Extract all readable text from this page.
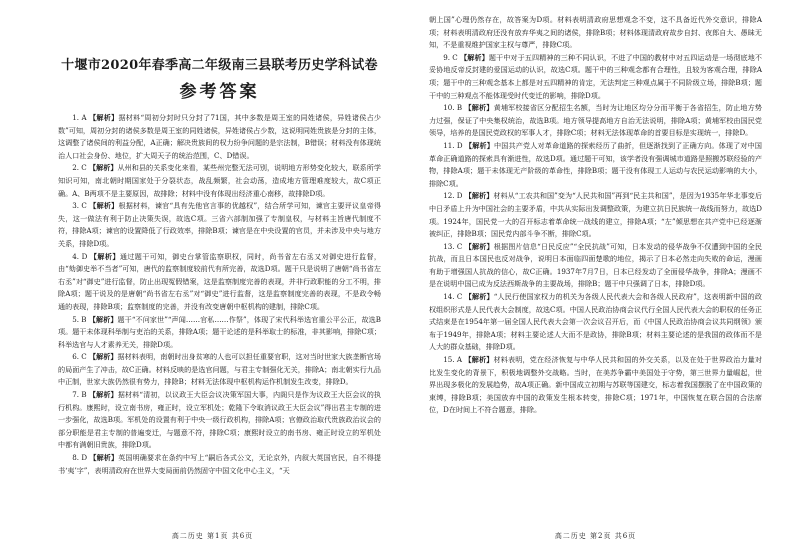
十堰市2020年春季高二年级南三县联考历史学科试卷
参考答案

1. A 【解析】据材料“周初分封时只分封了71国，其中多数是周王室的同姓诸侯，异姓诸侯占少数”可知，周初分封的诸侯多数是周王室的同姓诸侯，异姓诸侯占少数，这说明同姓贵族是分封的主体，这调整了诸侯间的利益分配，A正确；解决贵族间的权力纷争问题的是宗法制，B错误；材料没有体现统治人口社会身份、地位，扩大周天子的统治范围，C、D错误。

2. C 【解析】从州和县的关系变化来看，某些州完整无法可别，说明地方形势变化较大，联系所学知识可知，南北朝时期国家处于分裂状态，战乱频繁，社会动荡，造成地方管理难度较大，故C项正确。A、B两项不是主要原因，故排除；材料中没有体现出经济重心南移，故排除D项。

3. C 【解析】根据材料，谏官“具有先他官言事的优越权”，结合所学可知，谏官主要评议皇帝得失，这一做法有利于防止决策失误，故选C项。三省六部制加强了专制皇权，与材料主旨唐代制度不符，排除A项；谏官的设置降低了行政效率，排除B项；谏官是在中央设置的官员，并未涉及中央与地方关系，排除D项。

4. D 【解析】通过题干可知，御史台掌管监察职权，同时，尚书省左右丞又对御史进行监督，由“劾御史举不当者”可知，唐代的监察制度较前代有所完善，故选D项。题干只是说明了唐朝“尚书省左右丞”对“御史”进行监督，防止出现冤假错案，这是监察制度完善的表现，并非行政职能的分工不明，排除A项；题干说及的是唐朝“尚书省左右丞”对“御史”进行监督，这是监察制度完善的表现，不是政令畅通的表现，排除B项；监察制度的完善，并没有改变唐朝中枢机构的建制，排除C项。

5. B 【解析】题干“不问家世”“声闻……官私……作祭”，体现了宋代科举选官重公平公正，故选B项。题干未体现科举制与吏治的关系，排除A项；题干论述的是科举取士的标准，非其影响，排除C项；科举选官与人才素养无关，排除D项。

6. C 【解析】据材料表明，南朝时出身贫寒的人也可以担任重要官职，这对当时世家大族垄断官场的局面产生了冲击，故C正确。材料反映的是选官问题，与君主专制强化无关，排除A；南北朝实行九品中正制，世家大族仍然很有势力，排除B；材料无法体现中枢机构运作机制发生改变，排除D。

7. B 【解析】据材料“清初，以议政王大臣会议决策军国大事，内阁只是作为议政王大臣会议的执行机构。康熙时，设立南书房，雍正时，设立军机处；乾隆下令取消议政王大臣会议”得出君主专制的进一步强化，故选B项。军机处的设置有利于中央一级行政机构，排除A项；官僚政治取代贵族政治议会的部分职能是君主专制的普遍变迁，与题意不符，排除C项；康熙时设立的南书房、雍正时设立的军机处中都有满朝旧贵族，排除D项。

8. D 【解析】英国明确要求在条约中写上“嗣后各式公文，无论京外，内叙大英国官民，自不得提书‘夷’字”，表明清政府在世界大变局面前仍然固守中国文化中心主义，“天

高二历史 第1页 共6页

朝上国”心理仍然存在，故答案为D项。材料表明清政府思想观念不变，这不具备近代外交意识，排除A项；材料表明清政府还没有放弃华夷之间的诸侯，排除B项；材料体现清政府故步自封、夜郎自大、愚昧无知，不是重视维护国家主权与尊严，排除C项。

9. C 【解析】题干中对于五四精神的三种不同认识，不进了中国的教材中对五四运动是一场彻底地不妥协地反帝反封建的爱国运动的认识，故选C项。题干中的三种观念都有合理性，且较为客观合理，排除A项；题干中的三种观念基本上都是对五四精神的肯定，无法判定三种观点属于不同阶级立场，排除B项；题干中的三种观点不能体现受时代变迁的影响，排除D项。

10. B 【解析】黄埔军校接省区分配招生名额，当时为让地区均分分而平衡于各省招生，防止地方势力过强，保证了中央集权统治，故选B项。地方领导提高地方自治无法说明，排除A项；黄埔军校由国民党领导，培养的是国民党政权的军事人才，排除C项；材料无法体现革命的首要目标是实现统一，排除D。

11. D 【解析】中国共产党人对革命道路的探索经历了曲折，但逐渐找到了正确方向。体现了对中国革命正确道路的探索具有渐进性，故选D项。通过题干可知，该学者没有强调城市道路是照搬苏联经验的产物，排除A项；题干未体现无产阶级的革命性，排除B项；题干没有体现工人运动与农民运动影响的大小，排除C项。

12. D 【解析】材料从“工农共和国”变为“人民共和国”再到“民主共和国”，是因为1935年华北事变后中日矛盾上升为中国社会的主要矛盾，中共从实际出发调整政策，为建立抗日民族统一战线而努力，故选D项。1924年，国民党一大的召开标志着革命统一战线的建立，排除A项；“左”倾思想在共产党中已经逐渐被纠正，排除B项；国民党内部斗争不断，排除C项。

13. C 【解析】根据图片信息“日民反应”“全民抗战”可知，日本发动的侵华战争不仅遭到中国的全民抗战，而且日本国民也反对战争，说明日本面临四面楚歌的地位，揭示了日本必然走向失败的命运，漫画有助于增强国人抗战的信心，故C正确。1937年7月7日，日本已经发动了全面侵华战争，排除A；漫画不是在说明中国已成为反法西斯战争的主要战场，排除B；题干中只强调了日本，排除D项。

14. C 【解析】“人民行使国家权力的机关为各级人民代表大会和各级人民政府”，这表明新中国的政权组织形式是人民代表大会制度，故选C项。中国人民政治协商会议代行全国人民代表大会的职权的任务正式结束是在1954年第一届全国人民代表大会第一次会议召开后，而《中国人民政治协商会议共同纲领》颁布于1949年，排除A项；材料主要论述人大而不是政协，排除B项；材料主要论述的是我国的政体而不是人大的群众基础，排除D项。

15. A 【解析】材料表明，党在经济恢复与中华人民共和国的外交关系，以及在处于世界政治力量对比发生变化的背景下，积极地调整外交战略。当时，在美苏争霸中美国处于守势，第三世界力量崛起，世界出现多极化的发展趋势，故A项正确。新中国成立初期与苏联等国建交，标志着我国摆脱了在中国政策的束缚，排除B项；美国放弃中国的政策发生根本转变，排除C项；1971年，中国恢复在联合国的合法席位，D在时间上不符合题意，排除。

高二历史 第2页 共6页
